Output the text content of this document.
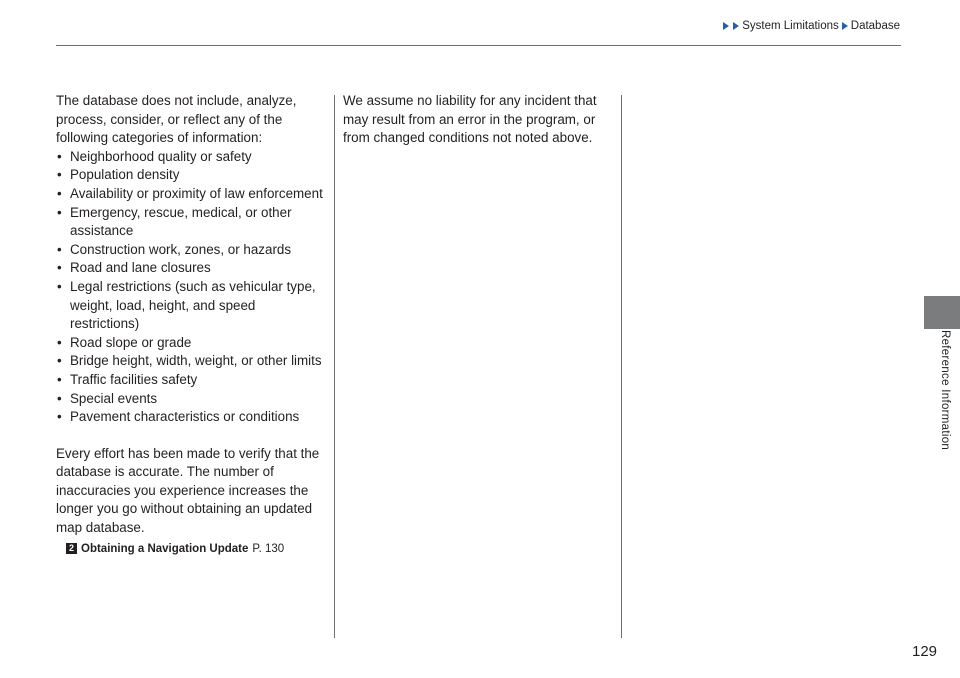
System Limitations Database
Reference Information

The database does not include, analyze, process, consider, or reflect any of the following categories of information:

• Neighborhood quality or safety
• Population density
• Availability or proximity of law enforcement
• Emergency, rescue, medical, or other assistance
• Construction work, zones, or hazards
• Road and lane closures
• Legal restrictions (such as vehicular type, weight, load, height, and speed restrictions)
• Road slope or grade
• Bridge height, width, weight, or other limits
• Traffic facilities safety
• Special events
• Pavement characteristics or conditions

Every effort has been made to verify that the database is accurate. The number of inaccuracies you experience increases the longer you go without obtaining an updated map database.

2 Obtaining a Navigation Update P. 130

We assume no liability for any incident that may result from an error in the program, or from changed conditions not noted above.

129
